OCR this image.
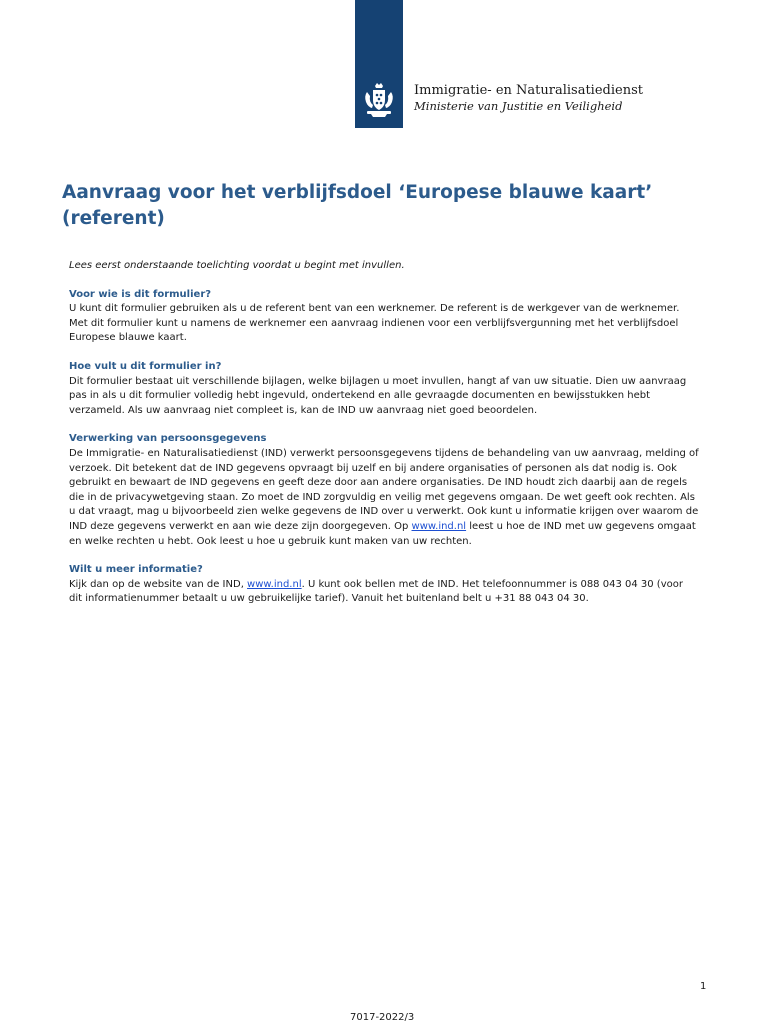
Immigratie- en Naturalisatiedienst
Ministerie van Justitie en Veiligheid
Aanvraag voor het verblijfsdoel ‘Europese blauwe kaart’ (referent)

Lees eerst onderstaande toelichting voordat u begint met invullen.

Voor wie is dit formulier?

U kunt dit formulier gebruiken als u de referent bent van een werknemer. De referent is de werkgever van de werknemer. Met dit formulier kunt u namens de werknemer een aanvraag indienen voor een verblijfsvergunning met het verblijfsdoel Europese blauwe kaart.

Hoe vult u dit formulier in?

Dit formulier bestaat uit verschillende bijlagen, welke bijlagen u moet invullen, hangt af van uw situatie. Dien uw aanvraag pas in als u dit formulier volledig hebt ingevuld, ondertekend en alle gevraagde documenten en bewijsstukken hebt verzameld. Als uw aanvraag niet compleet is, kan de IND uw aanvraag niet goed beoordelen.

Verwerking van persoonsgegevens

De Immigratie- en Naturalisatiedienst (IND) verwerkt persoonsgegevens tijdens de behandeling van uw aanvraag, melding of verzoek. Dit betekent dat de IND gegevens opvraagt bij uzelf en bij andere organisaties of personen als dat nodig is. Ook gebruikt en bewaart de IND gegevens en geeft deze door aan andere organisaties. De IND houdt zich daarbij aan de regels die in de privacywetgeving staan. Zo moet de IND zorgvuldig en veilig met gegevens omgaan. De wet geeft ook rechten. Als u dat vraagt, mag u bijvoorbeeld zien welke gegevens de IND over u verwerkt. Ook kunt u informatie krijgen over waarom de IND deze gegevens verwerkt en aan wie deze zijn doorgegeven. Op www.ind.nl leest u hoe de IND met uw gegevens omgaat en welke rechten u hebt. Ook leest u hoe u gebruik kunt maken van uw rechten.

Wilt u meer informatie?

Kijk dan op de website van de IND, www.ind.nl. U kunt ook bellen met de IND. Het telefoonnummer is 088 043 04 30 (voor dit informatienummer betaalt u uw gebruikelijke tarief). Vanuit het buitenland belt u +31 88 043 04 30.

1
7017-2022/3
